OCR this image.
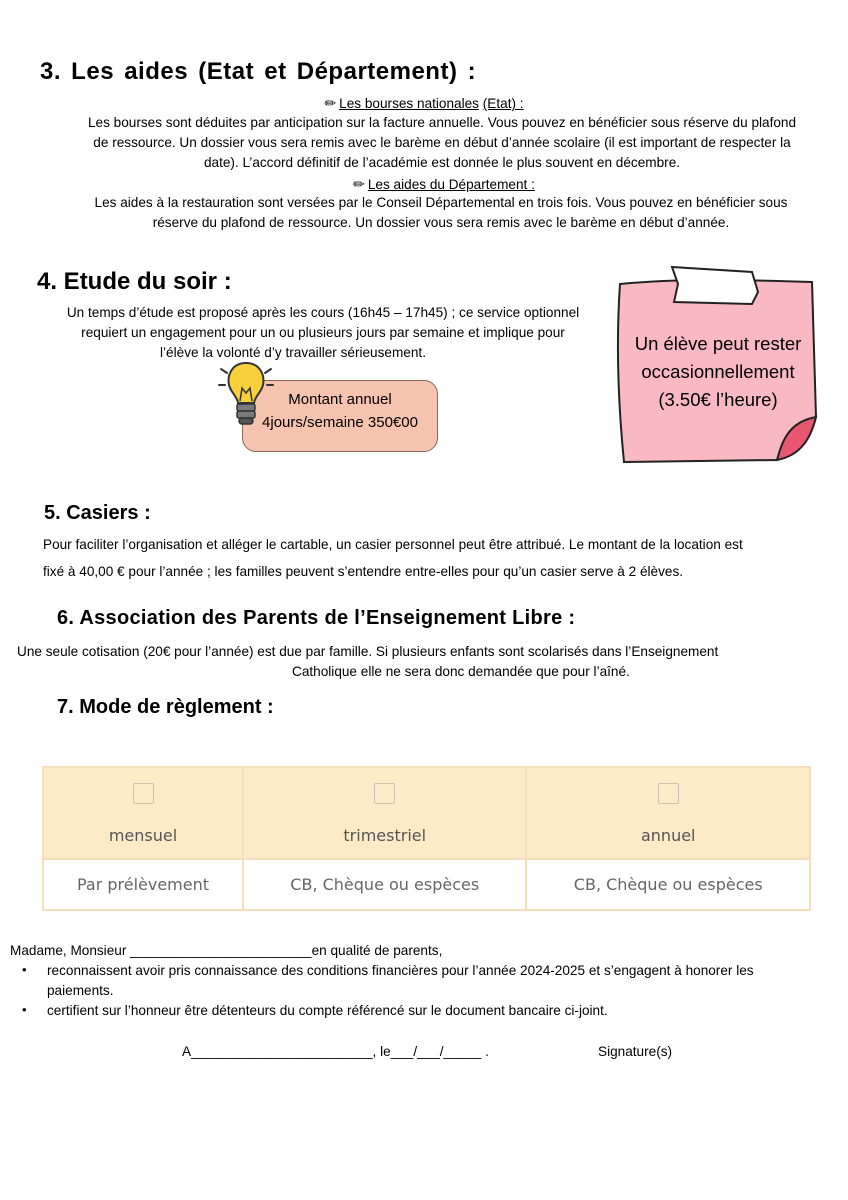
3. Les aides (Etat et Département) :
✏ Les bourses nationales (Etat) :
Les bourses sont déduites par anticipation sur la facture annuelle. Vous pouvez en bénéficier sous réserve du plafond
de ressource. Un dossier vous sera remis avec le barème en début d’année scolaire (il est important de respecter la
date). L’accord définitif de l’académie est donnée le plus souvent en décembre.
✏ Les aides du Département :
Les aides à la restauration sont versées par le Conseil Départemental en trois fois. Vous pouvez en bénéficier sous
réserve du plafond de ressource. Un dossier vous sera remis avec le barème en début d’année.
4. Etude du soir :
Un temps d’étude est proposé après les cours (16h45 – 17h45) ; ce service optionnel
requiert un engagement pour un ou plusieurs jours par semaine et implique pour
l’élève la volonté d’y travailler sérieusement.
Montant annuel
4jours/semaine 350€00
Un élève peut rester
occasionnellement
(3.50€ l’heure)
5. Casiers :
Pour faciliter l’organisation et alléger le cartable, un casier personnel peut être attribué. Le montant de la location est
fixé à 40,00 € pour l’année ; les familles peuvent s’entendre entre-elles pour qu’un casier serve à 2 élèves.
6. Association des Parents de l’Enseignement Libre :
Une seule cotisation (20€ pour l’année) est due par famille. Si plusieurs enfants sont scolarisés dans l’Enseignement
Catholique elle ne sera donc demandée que pour l’aîné.
7. Mode de règlement :
mensuel	trimestriel	annuel
Par prélèvement	CB, Chèque ou espèces	CB, Chèque ou espèces
Madame, Monsieur ________________________en qualité de parents,
• reconnaissent avoir pris connaissance des conditions financières pour l’année 2024-2025 et s’engagent à honorer les
paiements.
• certifient sur l’honneur être détenteurs du compte référencé sur le document bancaire ci-joint.
A________________________, le___/___/_____ .	Signature(s)
